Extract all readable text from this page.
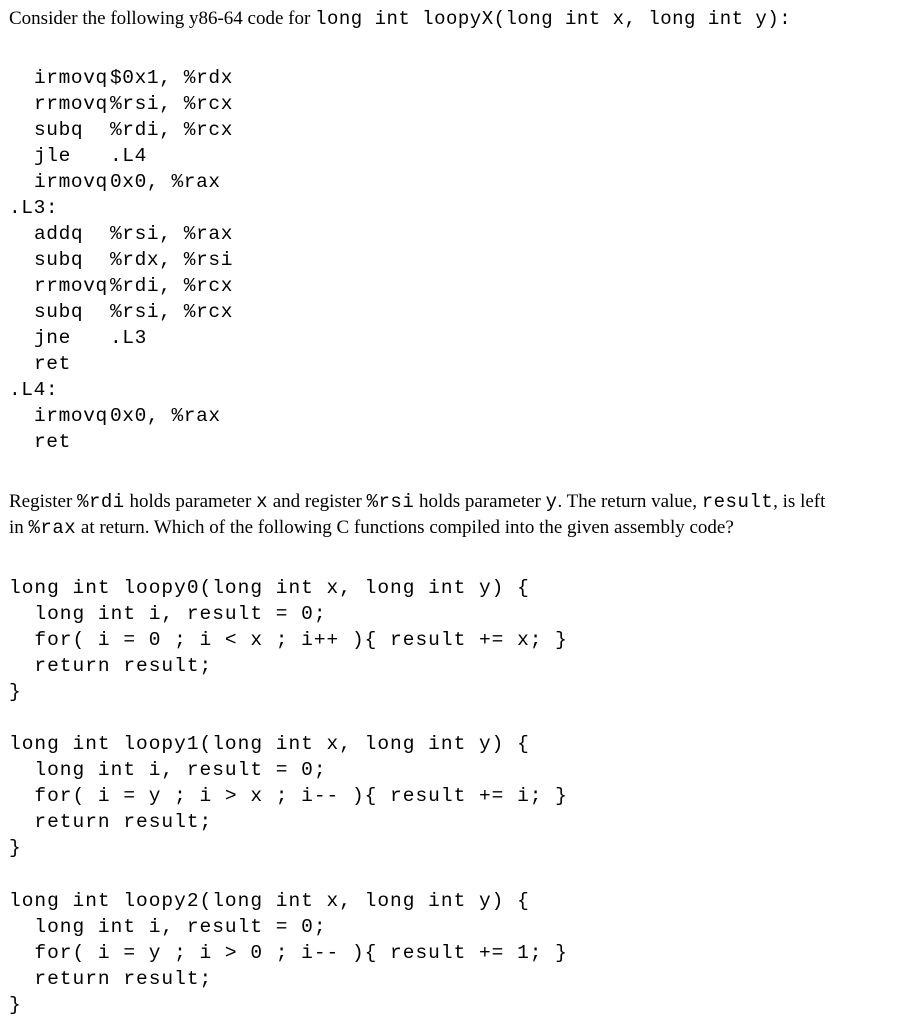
Consider the following y86-64 code for long int loopyX(long int x, long int y):

irmovq $0x1, %rdx
rrmovq %rsi, %rcx
subq	%rdi, %rcx
jle	.L4
irmovq 0x0, %rax
.L3:
addq	%rsi, %rax
subq	%rdx, %rsi
rrmovq %rdi, %rcx
subq	%rsi, %rcx
jne	.L3
ret
.L4:
irmovq 0x0, %rax
ret

Register %rdi holds parameter x and register %rsi holds parameter y. The return value, result, is left
in %rax at return. Which of the following C functions compiled into the given assembly code?

long int loopy0(long int x, long int y) {
long int i, result = 0;
for( i = 0 ; i < x ; i++ ){ result += x; }
return result;
}
long int loopy1(long int x, long int y) {
long int i, result = 0;
for( i = y ; i > x ; i-- ){ result += i; }
return result;
}
long int loopy2(long int x, long int y) {
long int i, result = 0;
for( i = y ; i > 0 ; i-- ){ result += 1; }
return result;
}
